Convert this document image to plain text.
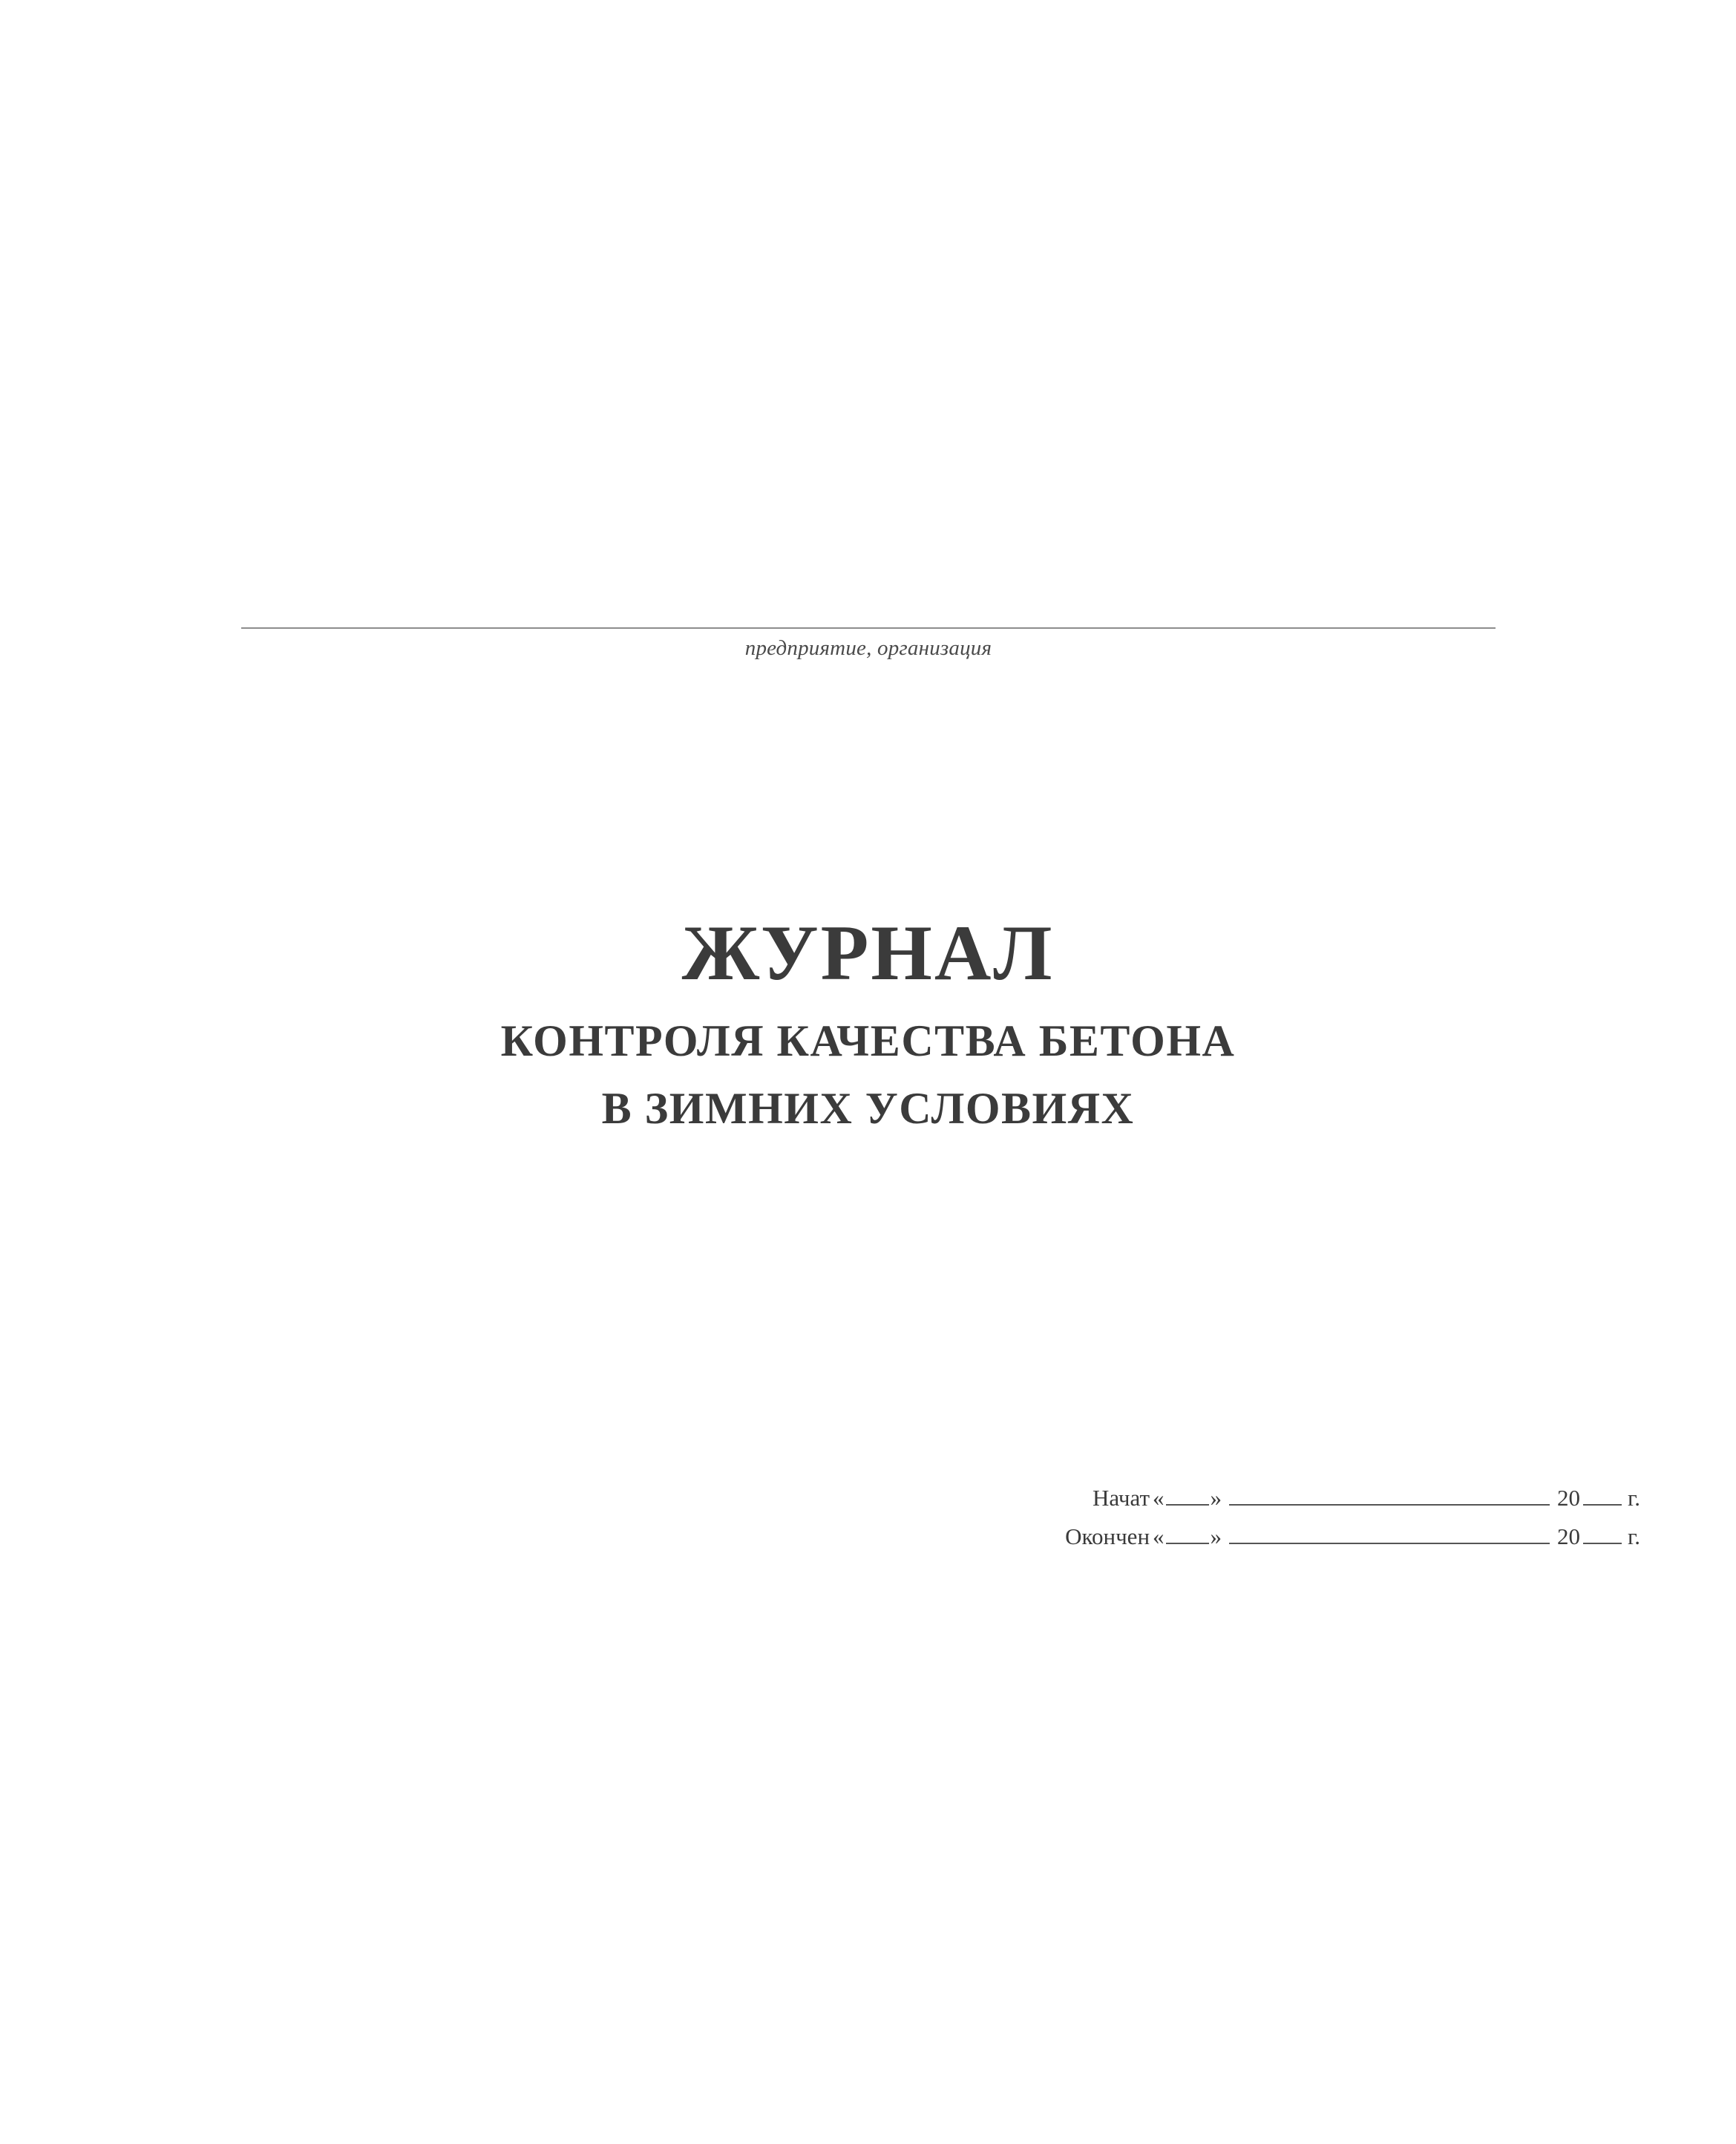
предприятие, организация
ЖУРНАЛ
КОНТРОЛЯ КАЧЕСТВА БЕТОНА
В ЗИМНИХ УСЛОВИЯХ
Начат « »	20 г.
Окончен « »	20 г.
